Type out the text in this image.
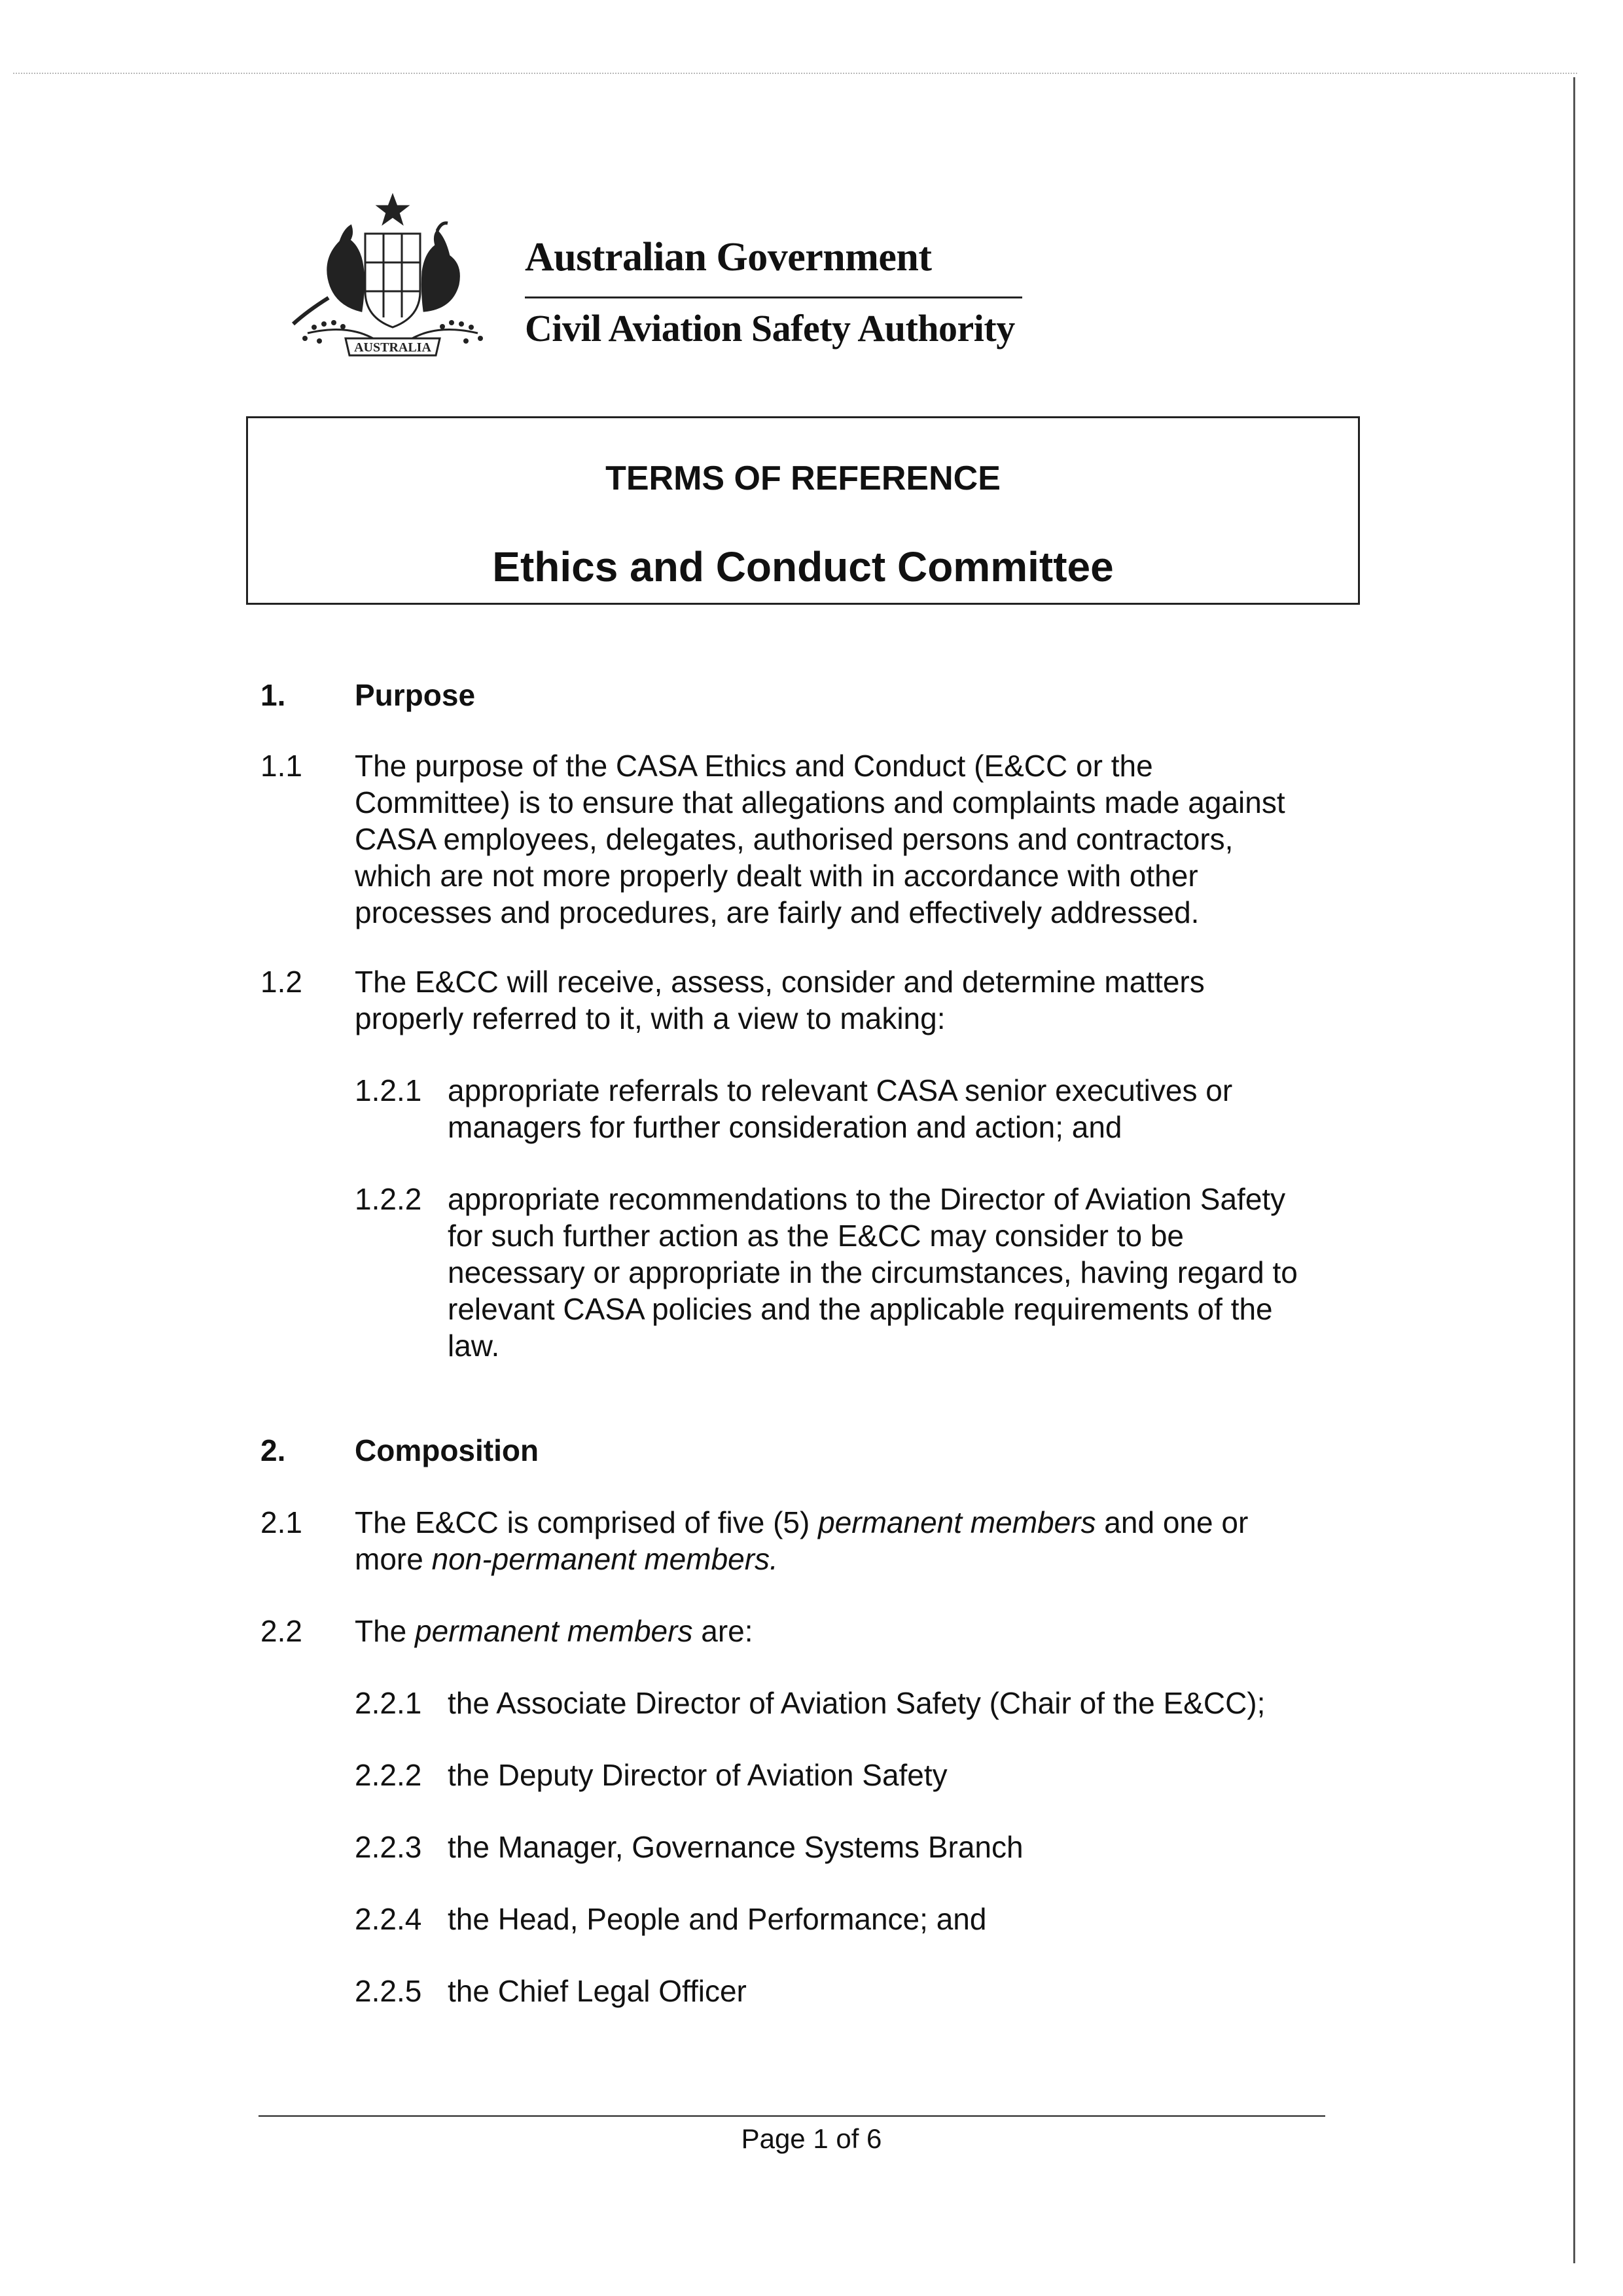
AUSTRALIA
Australian Government
Civil Aviation Safety Authority
TERMS OF REFERENCE
Ethics and Conduct Committee
1. Purpose
1.1 The purpose of the CASA Ethics and Conduct (E&CC or the
Committee) is to ensure that allegations and complaints made against
CASA employees, delegates, authorised persons and contractors,
which are not more properly dealt with in accordance with other
processes and procedures, are fairly and effectively addressed.
1.2 The E&CC will receive, assess, consider and determine matters
properly referred to it, with a view to making:
1.2.1 appropriate referrals to relevant CASA senior executives or
managers for further consideration and action; and
1.2.2 appropriate recommendations to the Director of Aviation Safety
for such further action as the E&CC may consider to be
necessary or appropriate in the circumstances, having regard to
relevant CASA policies and the applicable requirements of the
law.
2. Composition
2.1 The E&CC is comprised of five (5) permanent members and one or
more non-permanent members.
2.2 The permanent members are:
2.2.1 the Associate Director of Aviation Safety (Chair of the E&CC);
2.2.2 the Deputy Director of Aviation Safety
2.2.3 the Manager, Governance Systems Branch
2.2.4 the Head, People and Performance; and
2.2.5 the Chief Legal Officer
Page 1 of 6
